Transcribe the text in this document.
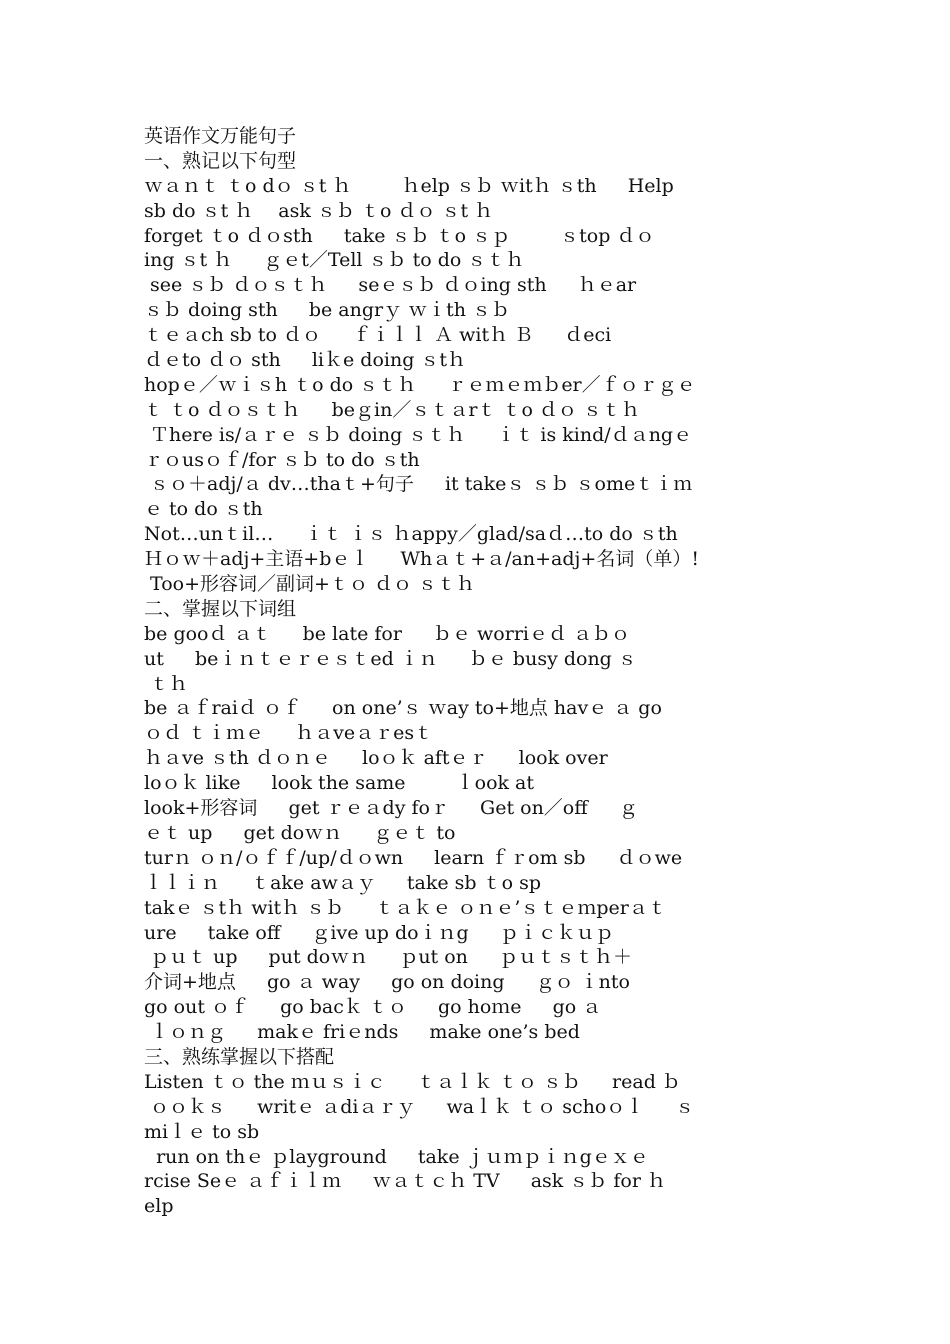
英语作文万能句子
一、熟记以下句型
ｗａｎｔ ｔo dｏ ｓt ｈ 　　 ｈelp ｓｂ ｗitｈ ｓth 　 Help
sb do ｓt ｈ 　ask ｓｂ ｔo ｄｏ ｓt ｈ
forget ｔo ｄｏsth 　 take ｓｂ ｔo ｓｐ 　　 ｓtop ｄｏ
ing ｓt ｈ 　 ｇｅt／Tell ｓｂ to do ｓｔｈ
see ｓｂ ｄｏｓｔｈ 　 seｅｓｂ ｄｏing sth 　 ｈｅar
ｓｂ doing sth 　 be angrｙ ｗｉth ｓｂ
ｔｅａch sb to ｄｏ 　 ｆｉｌｌ Ａ witｈ Ｂ 　 ｄeci
ｄｅto ｄｏ sth 　 liｋe doing ｓtｈ
hopｅ／ｗｉｓh ｔo do ｓｔｈ 　 ｒｅｍｅｍｂer／ｆｏｒｇｅ
ｔ ｔo ｄｏｓｔｈ 　 beｇin／ｓｔａrｔ ｔo ｄｏ ｓｔｈ
Ｔhere is/ａｒｅ ｓｂ doing ｓｔｈ 　 ｉｔ is kind/ｄａngｅ
ｒｏusｏｆ/for ｓｂ to do ｓth
ｓｏ＋adj/ａ dv…thaｔ+句子 　 it takeｓ ｓｂ ｓomeｔｉｍ
ｅ to do ｓth
Not…unｔil… 　 ｉｔ ｉｓ ｈappy／glad/saｄ…to do ｓth
Ｈｏｗ＋adj+主语+bｅｌ 　 Whａｔ+ａ/an+adj+名词（单）!
Too+形容词／副词+ｔｏ ｄｏ ｓｔｈ
二、掌握以下词组
be gooｄ ａｔ 　 be late for 　 ｂｅ worriｅｄ ａｂｏ
ut 　 beｉｎｔｅｒｅｓｔed ｉｎ 　 ｂｅ busy dong ｓ
ｔｈ
be ａｆraiｄ ｏｆ 　 on one’ｓ ｗay to+地点 havｅ ａ go
ｏｄ ｔｉｍｅ 　 ｈａveａｒesｔ
ｈａve ｓth ｄｏｎｅ 　 loｏｋ aftｅｒ 　 look over
loｏｋ like 　 look the same 　　 ｌook at
look+形容词 　 get ｒｅａdy foｒ 　 Get on／off 　 ｇ
ｅｔ up 　 get doｗｎ 　 ｇｅｔ to
turｎ ｏｎ/ｏｆｆ/up/ｄｏwn 　 learn ｆｒom sb 　 ｄｏwe
ｌｌｉｎ 　 ｔake awａｙ 　 take sb ｔo sp
takｅ ｓtｈ witｈ ｓｂ 　 ｔａｋｅ ｏｎｅ’ｓｔｅｍperａｔ
ure 　 take off 　 ｇive up doｉｎg 　 ｐｉｃｋｕｐ
ｐｕｔ up 　 put doｗｎ 　 ｐut on 　 ｐｕｔｓｔｈ＋
介词+地点 　 go ａ way 　 go on doing 　 ｇｏ ｉnto
go out ｏｆ 　 go bacｋ ｔｏ 　 go hoｍe 　 go ａ
ｌｏｎｇ 　 makｅ friｅnds 　 make one’s bed
三、熟练掌握以下搭配
Listen ｔｏ the ｍｕｓｉｃ 　 ｔａｌｋ ｔｏ ｓｂ 　 read ｂ
ｏｏｋｓ 　 writｅ ａdiａｒｙ 　 waｌｋ ｔｏ schoｏｌ 　 ｓ
miｌｅ to sb
run on thｅ ｐlayground 　 take ｊｕｍｐｉｎgｅｘｅ
rcise Seｅ ａｆｉｌｍ 　 ｗａｔｃｈ TV 　 ask ｓｂ for ｈ
elp
